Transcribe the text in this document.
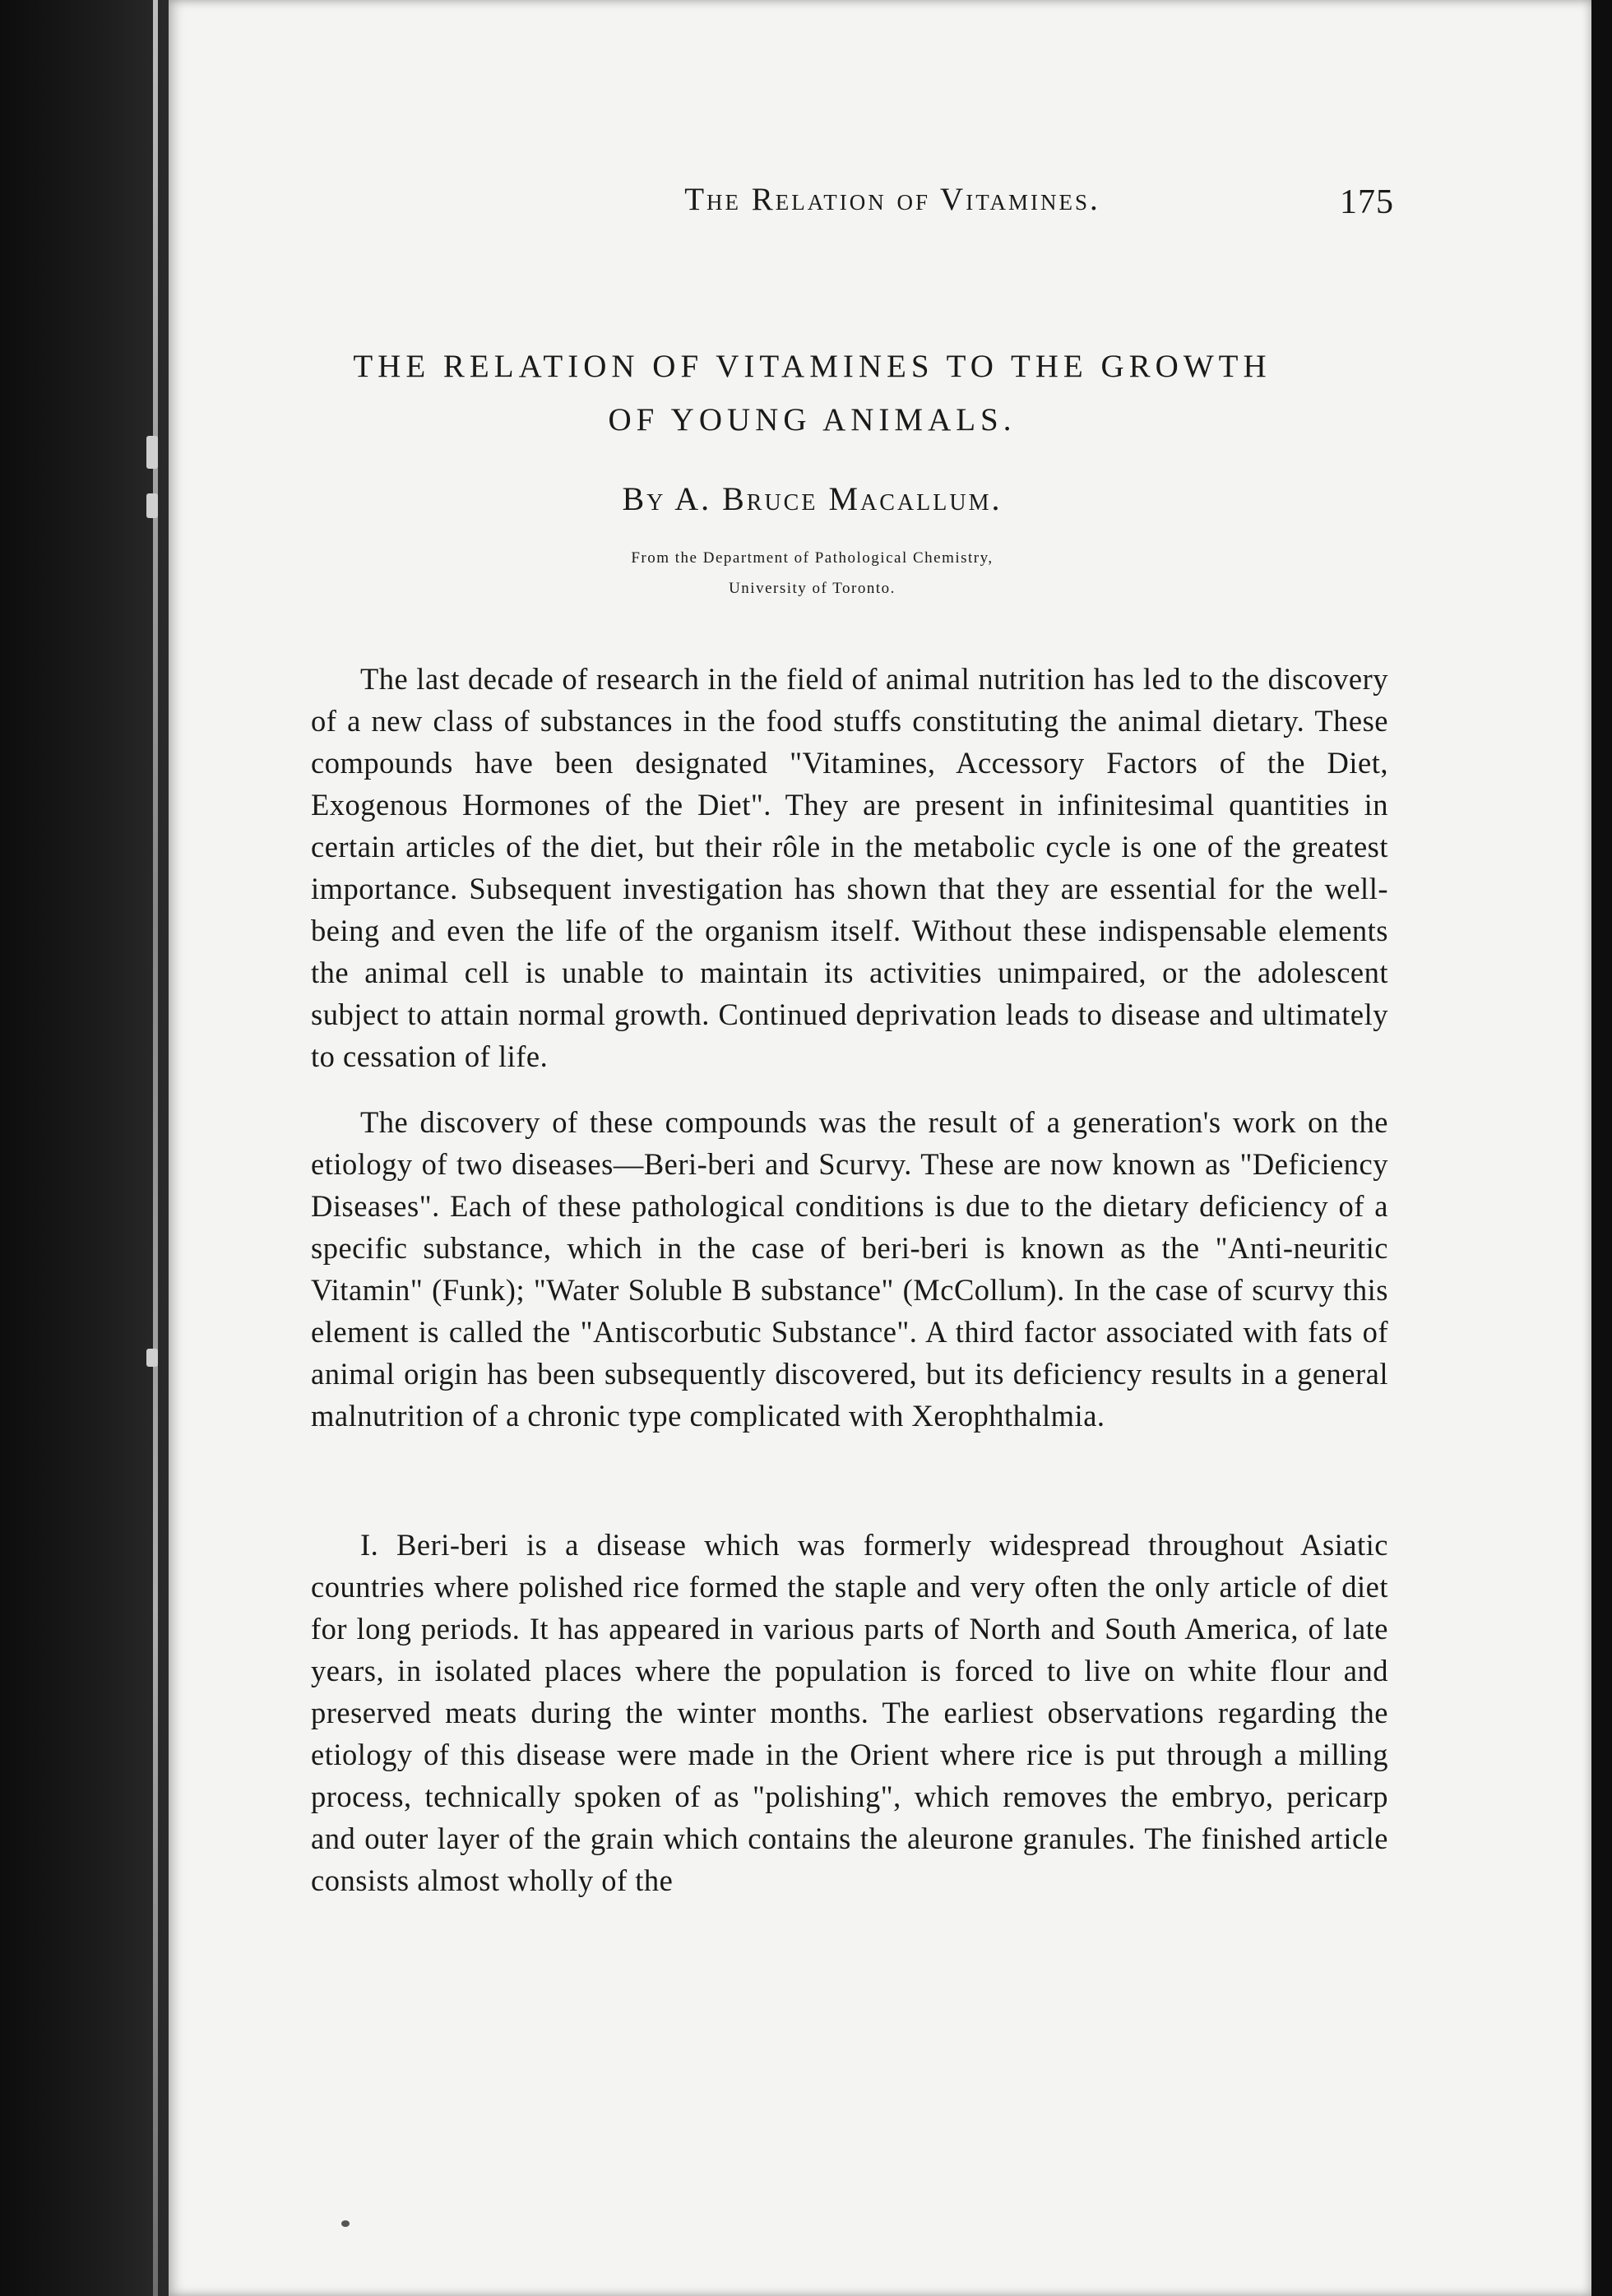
The Relation of Vitamines.	175
THE RELATION OF VITAMINES TO THE GROWTH
OF YOUNG ANIMALS.
By A. Bruce Macallum.
From the Department of Pathological Chemistry,
University of Toronto.

The last decade of research in the field of animal nutrition has led to the discovery of a new class of substances in the food stuffs constituting the animal dietary. These compounds have been designated "Vitamines, Accessory Factors of the Diet, Exogenous Hormones of the Diet". They are present in infinitesimal quantities in certain articles of the diet, but their rôle in the metabolic cycle is one of the greatest importance. Subsequent investigation has shown that they are essential for the well-being and even the life of the organism itself. Without these indispensable elements the animal cell is unable to maintain its activities unimpaired, or the adolescent subject to attain normal growth. Continued deprivation leads to disease and ultimately to cessation of life.

The discovery of these compounds was the result of a generation's work on the etiology of two diseases—Beri-beri and Scurvy. These are now known as "Deficiency Diseases". Each of these pathological conditions is due to the dietary deficiency of a specific substance, which in the case of beri-beri is known as the "Anti-neuritic Vitamin" (Funk); "Water Soluble B substance" (McCollum). In the case of scurvy this element is called the "Antiscorbutic Substance". A third factor associated with fats of animal origin has been subsequently discovered, but its deficiency results in a general malnutrition of a chronic type complicated with Xerophthalmia.

I. Beri-beri is a disease which was formerly widespread throughout Asiatic countries where polished rice formed the staple and very often the only article of diet for long periods. It has appeared in various parts of North and South America, of late years, in isolated places where the population is forced to live on white flour and preserved meats during the winter months. The earliest observations regarding the etiology of this disease were made in the Orient where rice is put through a milling process, technically spoken of as "polishing", which removes the embryo, pericarp and outer layer of the grain which contains the aleurone granules. The finished article consists almost wholly of the
